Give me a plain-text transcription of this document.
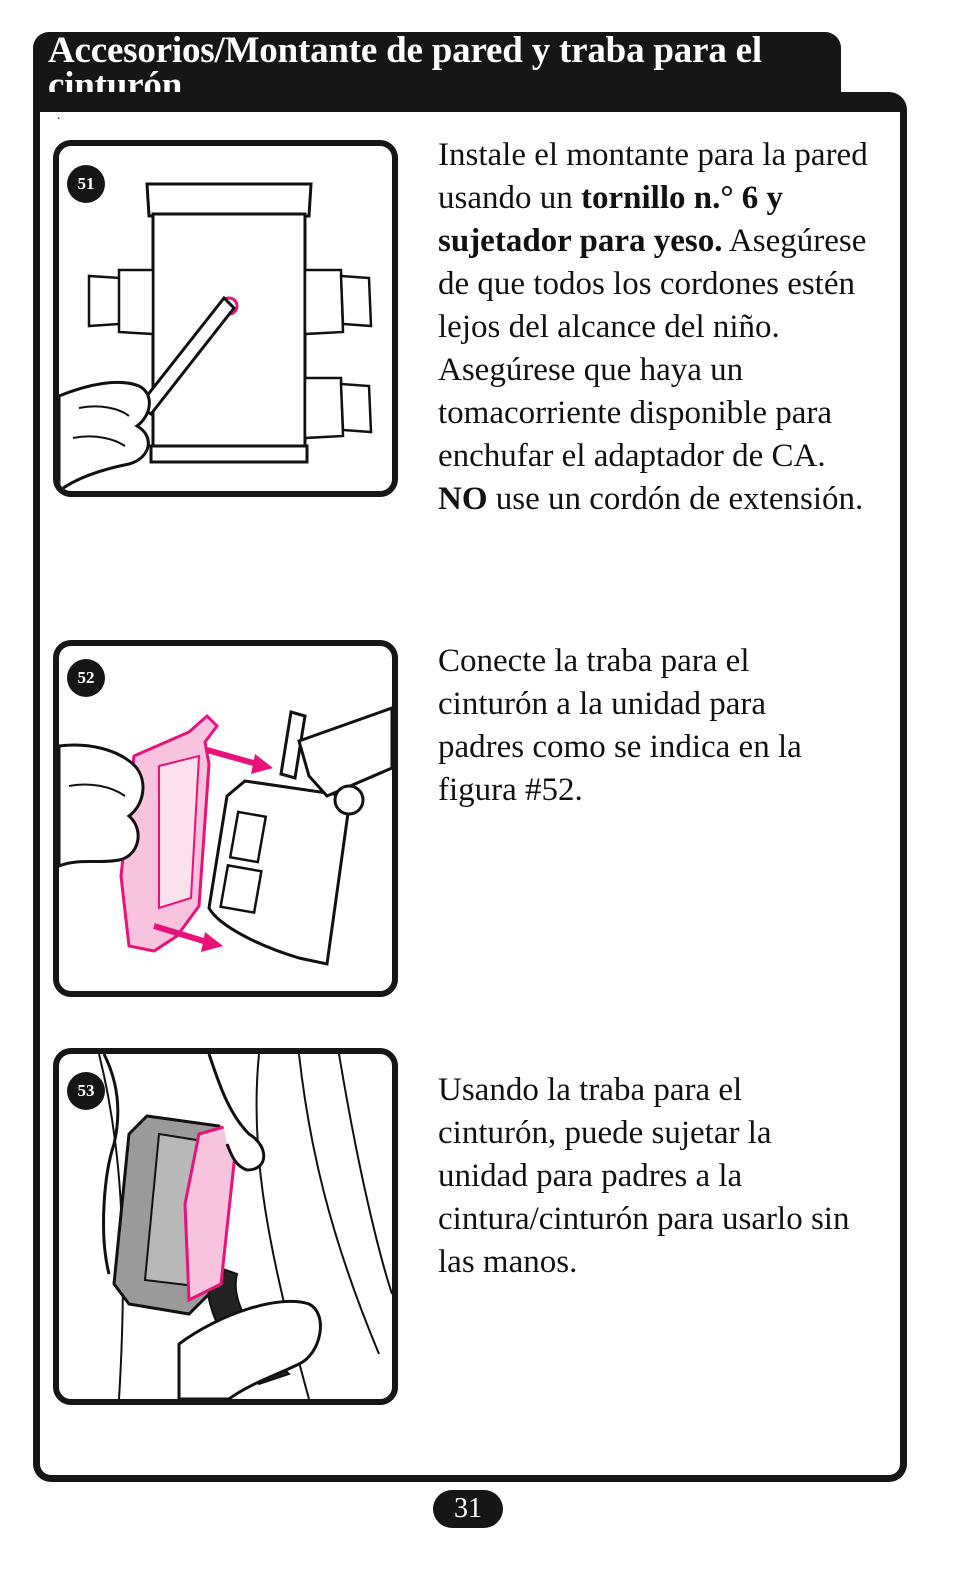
Accesorios/Montante de pared y traba para el cinturón
.
51

Instale el montante para la pared usando un tornillo n.° 6 y sujetador para yeso. Asegúrese de que todos los cordones estén lejos del alcance del niño. Asegúrese que haya un tomacorriente disponible para enchufar el adaptador de CA. NO use un cordón de extensión.

52	Conecte la traba para el cinturón a la unidad para padres como se indica en la figura #52.

53	Usando la traba para el cinturón, puede sujetar la unidad para padres a la cintura/cinturón para usarlo sin las manos.

31
